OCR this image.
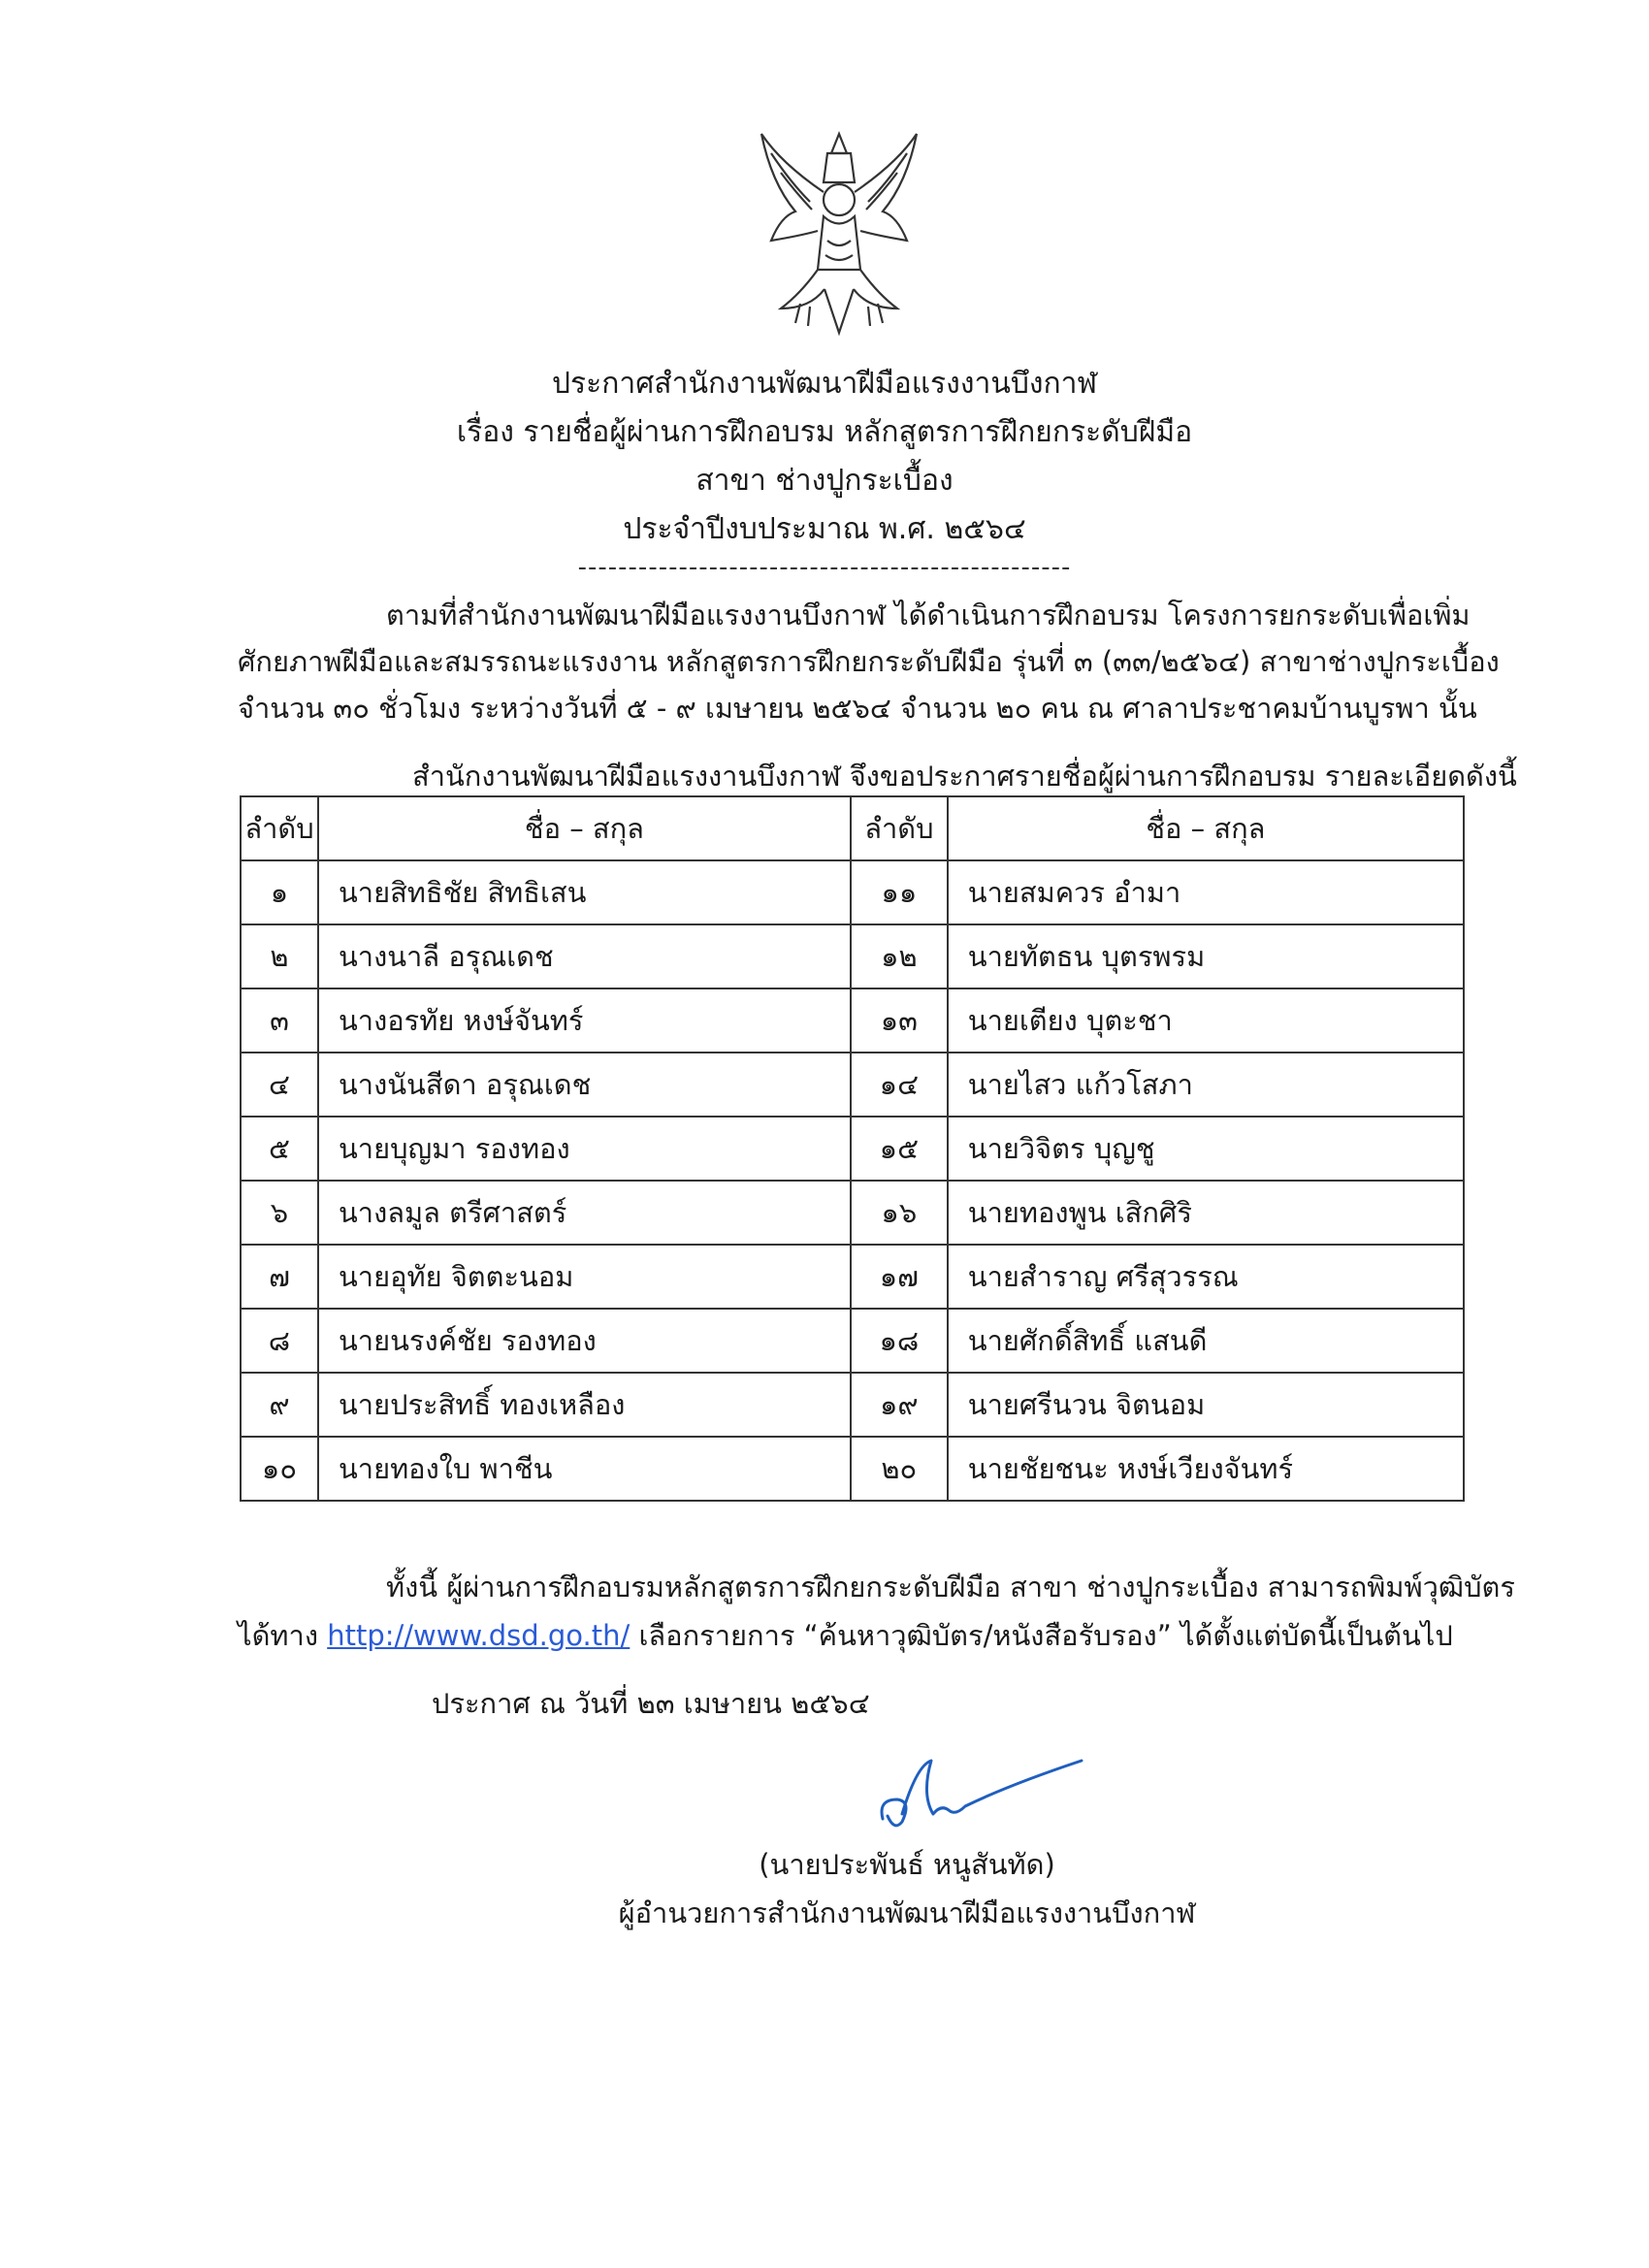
ประกาศสำนักงานพัฒนาฝีมือแรงงานบึงกาฬ
เรื่อง รายชื่อผู้ผ่านการฝึกอบรม หลักสูตรการฝึกยกระดับฝีมือ
สาขา ช่างปูกระเบื้อง
ประจำปีงบประมาณ พ.ศ. ๒๕๖๔
-------------------------------------------------
ตามที่สำนักงานพัฒนาฝีมือแรงงานบึงกาฬ ได้ดำเนินการฝึกอบรม โครงการยกระดับเพื่อเพิ่ม
ศักยภาพฝีมือและสมรรถนะแรงงาน หลักสูตรการฝึกยกระดับฝีมือ รุ่นที่ ๓ (๓๓/๒๕๖๔) สาขาช่างปูกระเบื้อง
จำนวน ๓๐ ชั่วโมง ระหว่างวันที่ ๕ - ๙ เมษายน ๒๕๖๔ จำนวน ๒๐ คน ณ ศาลาประชาคมบ้านบูรพา นั้น
สำนักงานพัฒนาฝีมือแรงงานบึงกาฬ จึงขอประกาศรายชื่อผู้ผ่านการฝึกอบรม รายละเอียดดังนี้
ลำดับ	ชื่อ – สกุล	ลำดับ	ชื่อ – สกุล
๑	นายสิทธิชัย สิทธิเสน	๑๑	นายสมควร อำมา
๒	นางนาลี อรุณเดช	๑๒	นายทัตธน บุตรพรม
๓	นางอรทัย หงษ์จันทร์	๑๓	นายเตียง บุตะชา
๔	นางนันสีดา อรุณเดช	๑๔	นายไสว แก้วโสภา
๕	นายบุญมา รองทอง	๑๕	นายวิจิตร บุญชู
๖	นางลมูล ตรีศาสตร์	๑๖	นายทองพูน เสิกศิริ
๗	นายอุทัย จิตตะนอม	๑๗	นายสำราญ ศรีสุวรรณ
๘	นายนรงค์ชัย รองทอง	๑๘	นายศักดิ์สิทธิ์ แสนดี
๙	นายประสิทธิ์ ทองเหลือง	๑๙	นายศรีนวน จิตนอม
๑๐	นายทองใบ พาชีน	๒๐	นายชัยชนะ หงษ์เวียงจันทร์
ทั้งนี้ ผู้ผ่านการฝึกอบรมหลักสูตรการฝึกยกระดับฝีมือ สาขา ช่างปูกระเบื้อง สามารถพิมพ์วุฒิบัตร
ได้ทาง http://www.dsd.go.th/ เลือกรายการ “ค้นหาวุฒิบัตร/หนังสือรับรอง” ได้ตั้งแต่บัดนี้เป็นต้นไป
ประกาศ ณ วันที่ ๒๓ เมษายน ๒๕๖๔
(นายประพันธ์ หนูสันทัด)
ผู้อำนวยการสำนักงานพัฒนาฝีมือแรงงานบึงกาฬ
